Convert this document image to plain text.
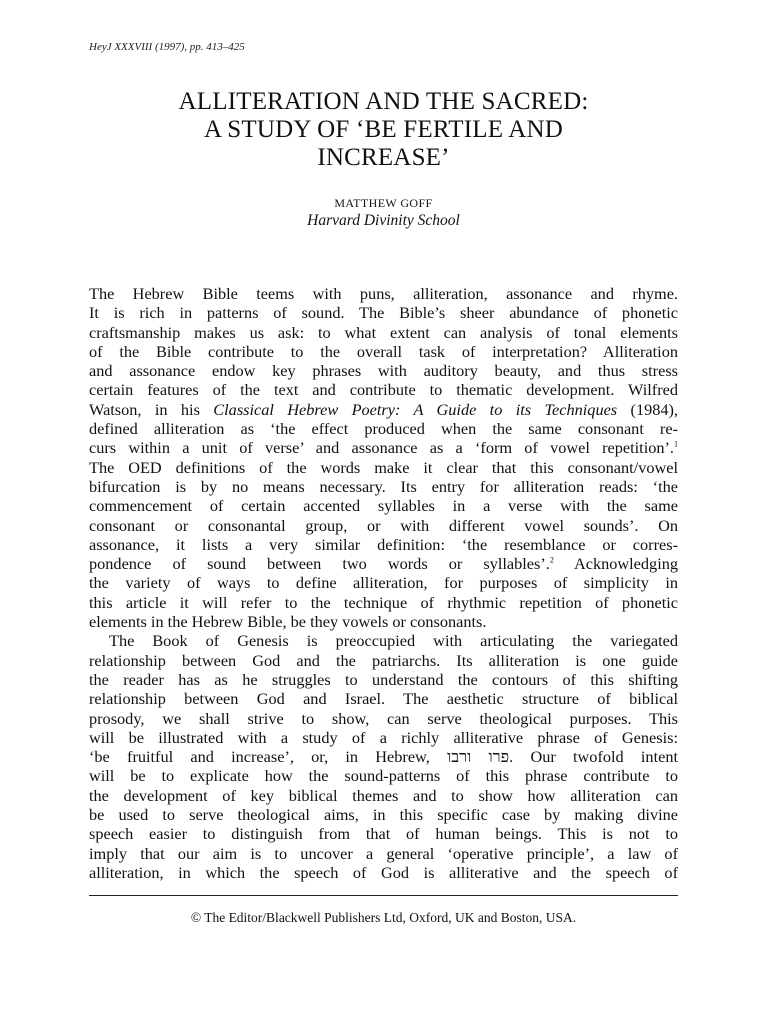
HeyJ XXXVIII (1997), pp. 413–425
ALLITERATION AND THE SACRED:
A STUDY OF ‘BE FERTILE AND
INCREASE’
MATTHEW GOFF
Harvard Divinity School

The Hebrew Bible teems with puns, alliteration, assonance and rhyme.

It is rich in patterns of sound. The Bible’s sheer abundance of phonetic

craftsmanship makes us ask: to what extent can analysis of tonal elements

of the Bible contribute to the overall task of interpretation? Alliteration

and assonance endow key phrases with auditory beauty, and thus stress

certain features of the text and contribute to thematic development. Wilfred

Watson, in his Classical Hebrew Poetry: A Guide to its Techniques (1984),

defined alliteration as ‘the effect produced when the same consonant re-

curs within a unit of verse’ and assonance as a ‘form of vowel repetition’.$^1$

The OED definitions of the words make it clear that this consonant/vowel

bifurcation is by no means necessary. Its entry for alliteration reads: ‘the

commencement of certain accented syllables in a verse with the same

consonant or consonantal group, or with different vowel sounds’. On

assonance, it lists a very similar definition: ‘the resemblance or corres-

pondence of sound between two words or syllables’.$^2$ Acknowledging

the variety of ways to define alliteration, for purposes of simplicity in

this article it will refer to the technique of rhythmic repetition of phonetic

elements in the Hebrew Bible, be they vowels or consonants.

The Book of Genesis is preoccupied with articulating the variegated

relationship between God and the patriarchs. Its alliteration is one guide

the reader has as he struggles to understand the contours of this shifting

relationship between God and Israel. The aesthetic structure of biblical

prosody, we shall strive to show, can serve theological purposes. This

will be illustrated with a study of a richly alliterative phrase of Genesis:

‘be fruitful and increase’, or, in Hebrew, פרו ורבו. Our twofold intent

will be to explicate how the sound-patterns of this phrase contribute to

the development of key biblical themes and to show how alliteration can

be used to serve theological aims, in this specific case by making divine

speech easier to distinguish from that of human beings. This is not to

imply that our aim is to uncover a general ‘operative principle’, a law of

alliteration, in which the speech of God is alliterative and the speech of

© The Editor/Blackwell Publishers Ltd, Oxford, UK and Boston, USA.
